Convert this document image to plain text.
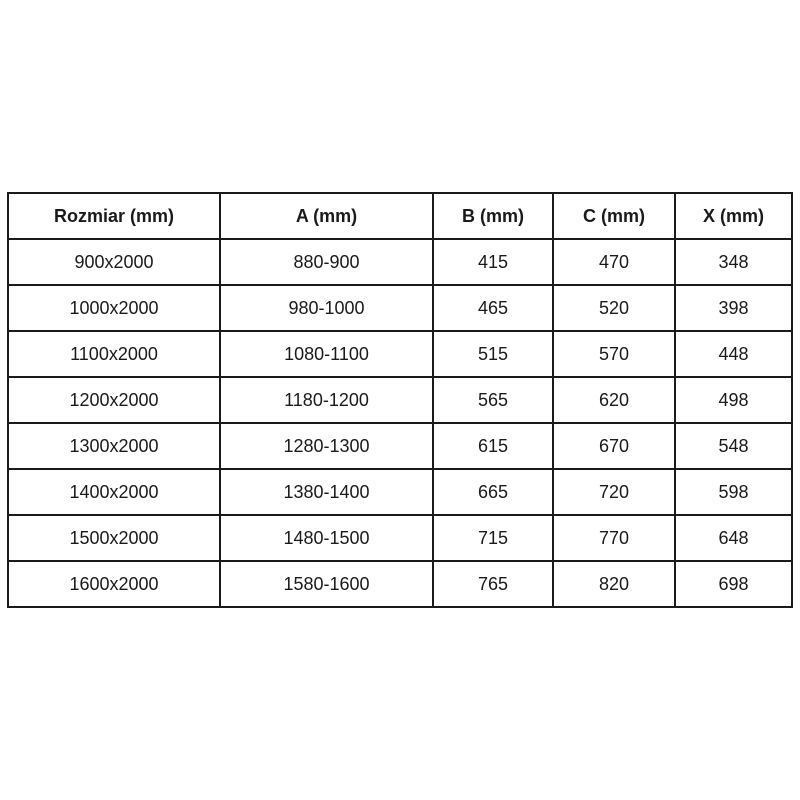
Rozmiar (mm)	A (mm)	B (mm)	C (mm)	X (mm)
900x2000	880-900	415	470	348
1000x2000	980-1000	465	520	398
1100x2000	1080-1100	515	570	448
1200x2000	1180-1200	565	620	498
1300x2000	1280-1300	615	670	548
1400x2000	1380-1400	665	720	598
1500x2000	1480-1500	715	770	648
1600x2000	1580-1600	765	820	698
